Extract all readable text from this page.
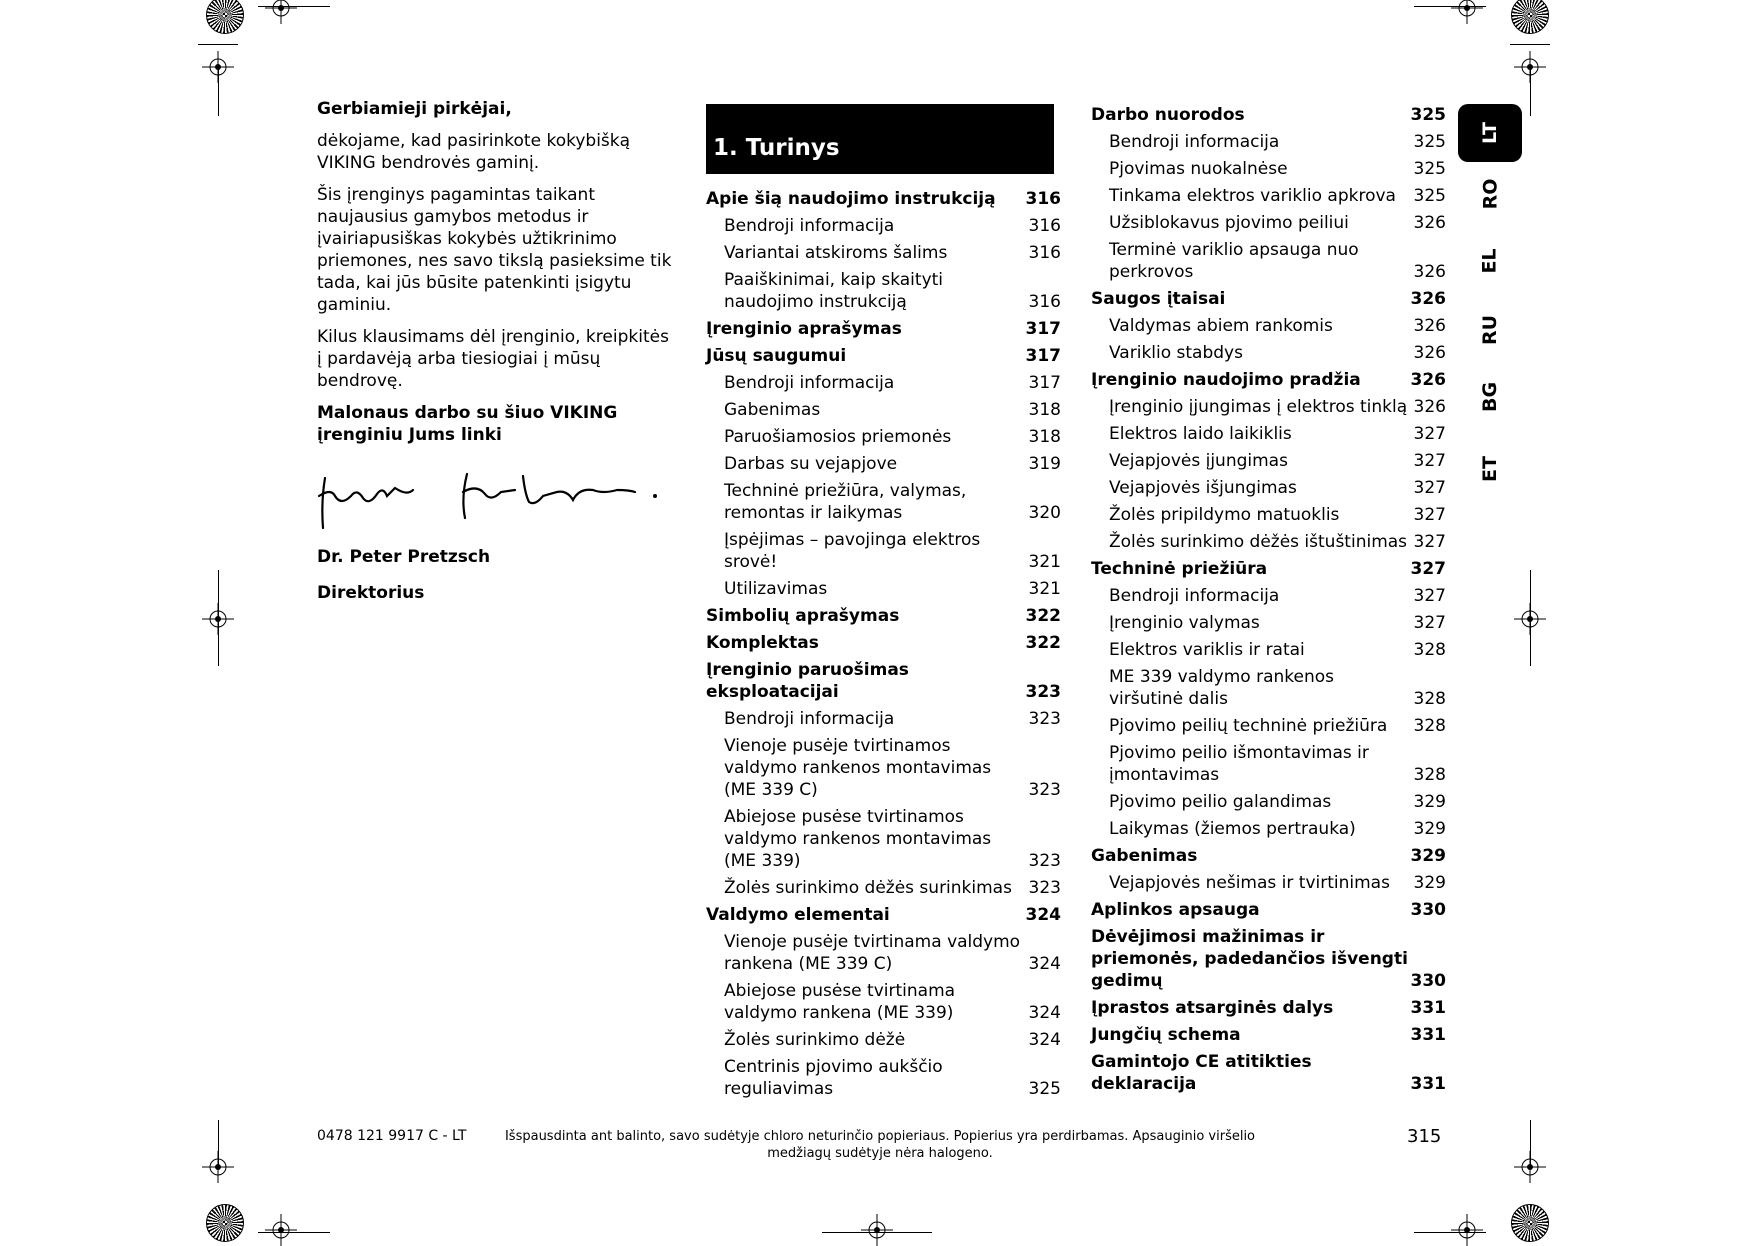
Gerbiamieji pirkėjai,

dėkojame, kad pasirinkote kokybišką VIKING bendrovės gaminį.

Šis įrenginys pagamintas taikant naujausius gamybos metodus ir įvairiapusiškas kokybės užtikrinimo priemones, nes savo tikslą pasieksime tik tada, kai jūs būsite patenkinti įsigytu gaminiu.

Kilus klausimams dėl įrenginio, kreipkitės į pardavėją arba tiesiogiai į mūsų bendrovę.

Malonaus darbo su šiuo VIKING įrenginiu Jums linki

Dr. Peter Pretzsch
Direktorius
1. Turinys
Apie šią naudojimo instrukciją	316
Bendroji informacija	316
Variantai atskiroms šalims	316
Paaiškinimai, kaip skaityti naudojimo instrukciją	316
Įrenginio aprašymas	317
Jūsų saugumui	317
Bendroji informacija	317
Gabenimas	318
Paruošiamosios priemonės	318
Darbas su vejapjove	319
Techninė priežiūra, valymas, remontas ir laikymas	320
Įspėjimas – pavojinga elektros srovė!	321
Utilizavimas	321
Simbolių aprašymas	322
Komplektas	322
Įrenginio paruošimas eksploatacijai	323
Bendroji informacija	323
Vienoje pusėje tvirtinamos valdymo rankenos montavimas (ME 339 C)	323
Abiejose pusėse tvirtinamos valdymo rankenos montavimas (ME 339)	323
Žolės surinkimo dėžės surinkimas 323
Valdymo elementai	324
Vienoje pusėje tvirtinama valdymo rankena (ME 339 C)	324
Abiejose pusėse tvirtinama valdymo rankena (ME 339)	324
Žolės surinkimo dėžė	324
Centrinis pjovimo aukščio reguliavimas	325
Darbo nuorodos	325
Bendroji informacija	325
Pjovimas nuokalnėse	325
Tinkama elektros variklio apkrova	325
Užsiblokavus pjovimo peiliui	326
Terminė variklio apsauga nuo perkrovos	326
Saugos įtaisai	326
Valdymas abiem rankomis	326
Variklio stabdys	326
Įrenginio naudojimo pradžia	326
Įrenginio įjungimas į elektros tinklą 326
Elektros laido laikiklis	327
Vejapjovės įjungimas	327
Vejapjovės išjungimas	327
Žolės pripildymo matuoklis	327
Žolės surinkimo dėžės ištuštinimas 327
Techninė priežiūra	327
Bendroji informacija	327
Įrenginio valymas	327
Elektros variklis ir ratai	328
ME 339 valdymo rankenos viršutinė dalis	328
Pjovimo peilių techninė priežiūra	328
Pjovimo peilio išmontavimas ir įmontavimas	328
Pjovimo peilio galandimas	329
Laikymas (žiemos pertrauka)	329
Gabenimas	329
Vejapjovės nešimas ir tvirtinimas	329
Aplinkos apsauga	330
Dėvėjimosi mažinimas ir priemonės, padedančios išvengti gedimų	330
Įprastos atsarginės dalys	331
Jungčių schema	331
Gamintojo CE atitikties deklaracija	331
LT
RO
EL
RU
BG
ET
0478 121 9917 C - LT	Išspausdinta ant balinto, savo sudėtyje chloro neturinčio popieriaus. Popierius yra perdirbamas. Apsauginio viršelio medžiagų sudėtyje nėra halogeno.
315
